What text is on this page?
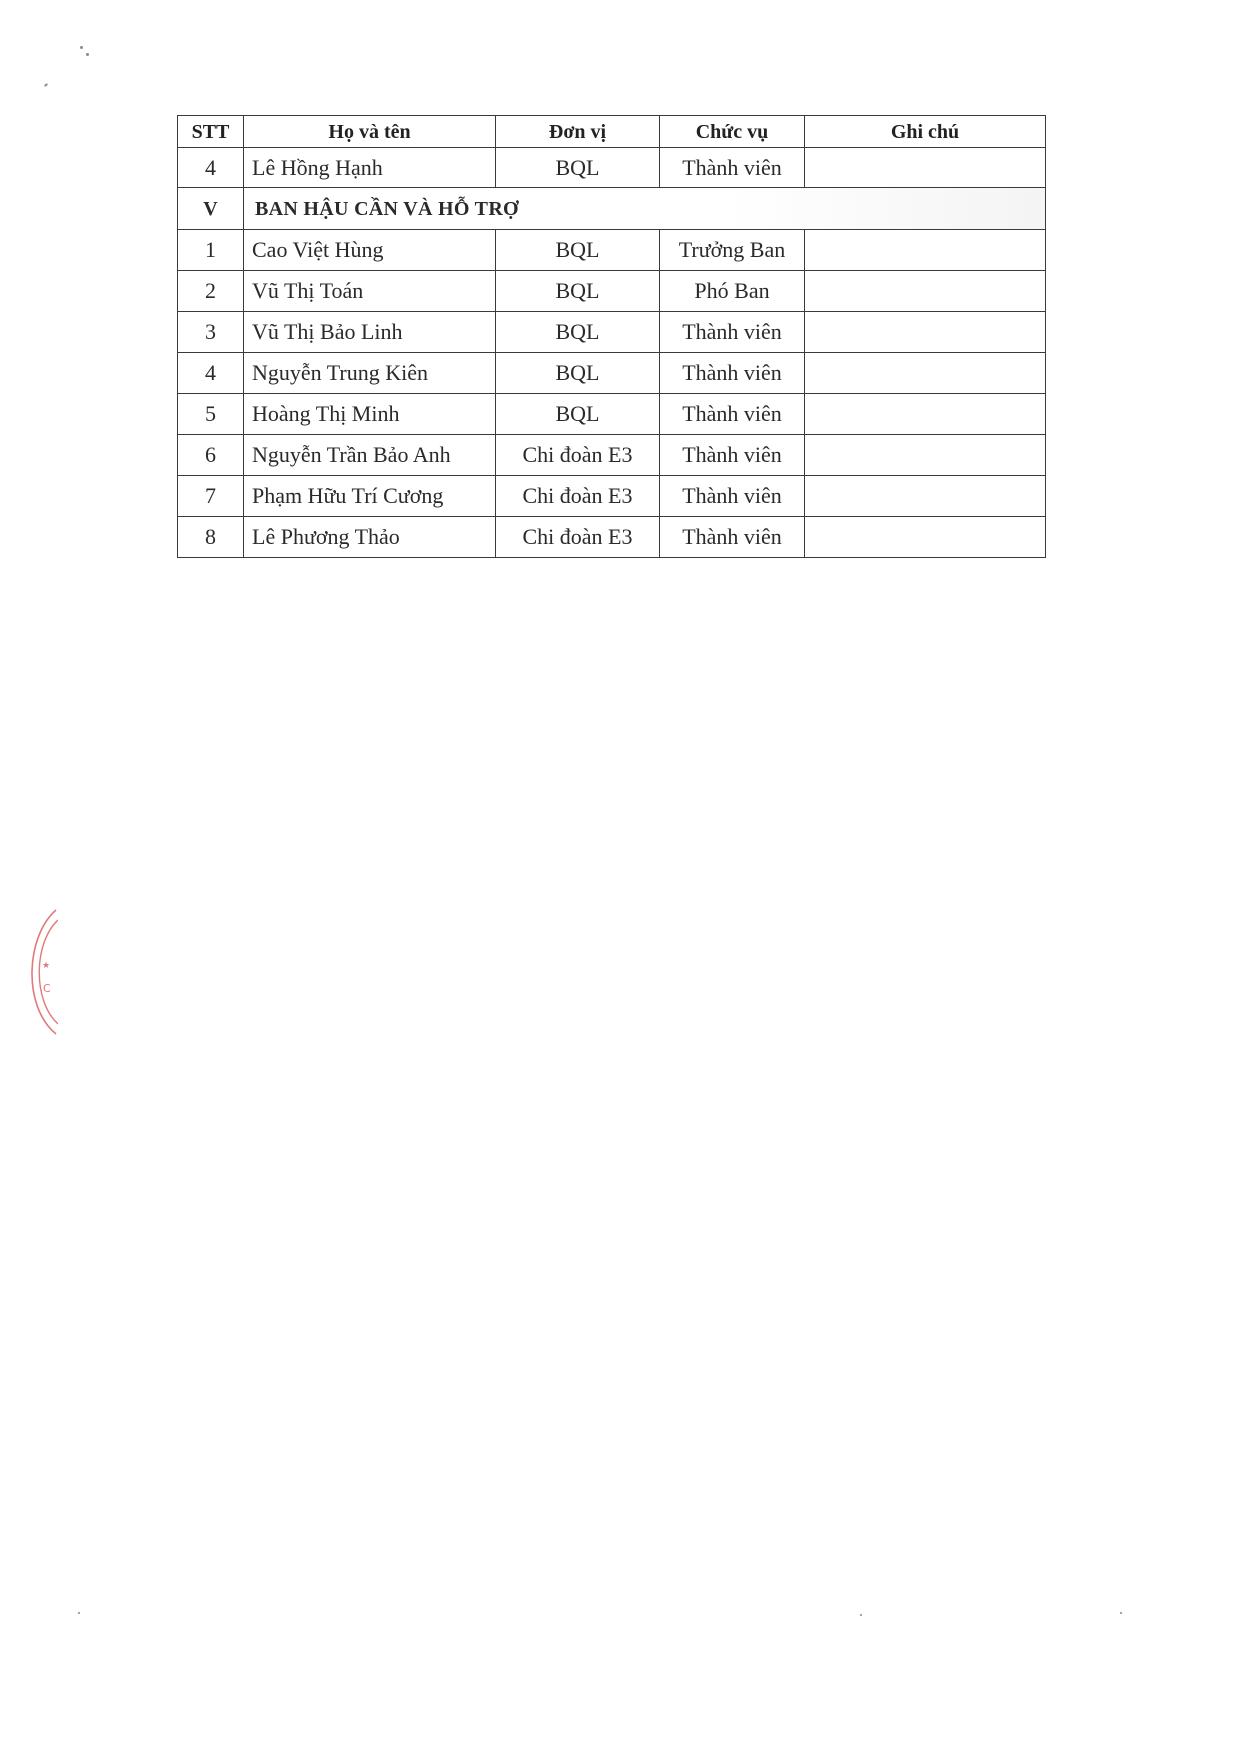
STT	Họ và tên	Đơn vị	Chức vụ	Ghi chú
4	Lê Hồng Hạnh	BQL	Thành viên	
V	BAN HẬU CẦN VÀ HỖ TRỢ			
1	Cao Việt Hùng	BQL	Trưởng Ban	
2	Vũ Thị Toán	BQL	Phó Ban	
3	Vũ Thị Bảo Linh	BQL	Thành viên	
4	Nguyễn Trung Kiên	BQL	Thành viên	
5	Hoàng Thị Minh	BQL	Thành viên	
6	Nguyễn Trần Bảo Anh	Chi đoàn E3	Thành viên	
7	Phạm Hữu Trí Cương	Chi đoàn E3	Thành viên	
8	Lê Phương Thảo	Chi đoàn E3	Thành viên	
★
C
